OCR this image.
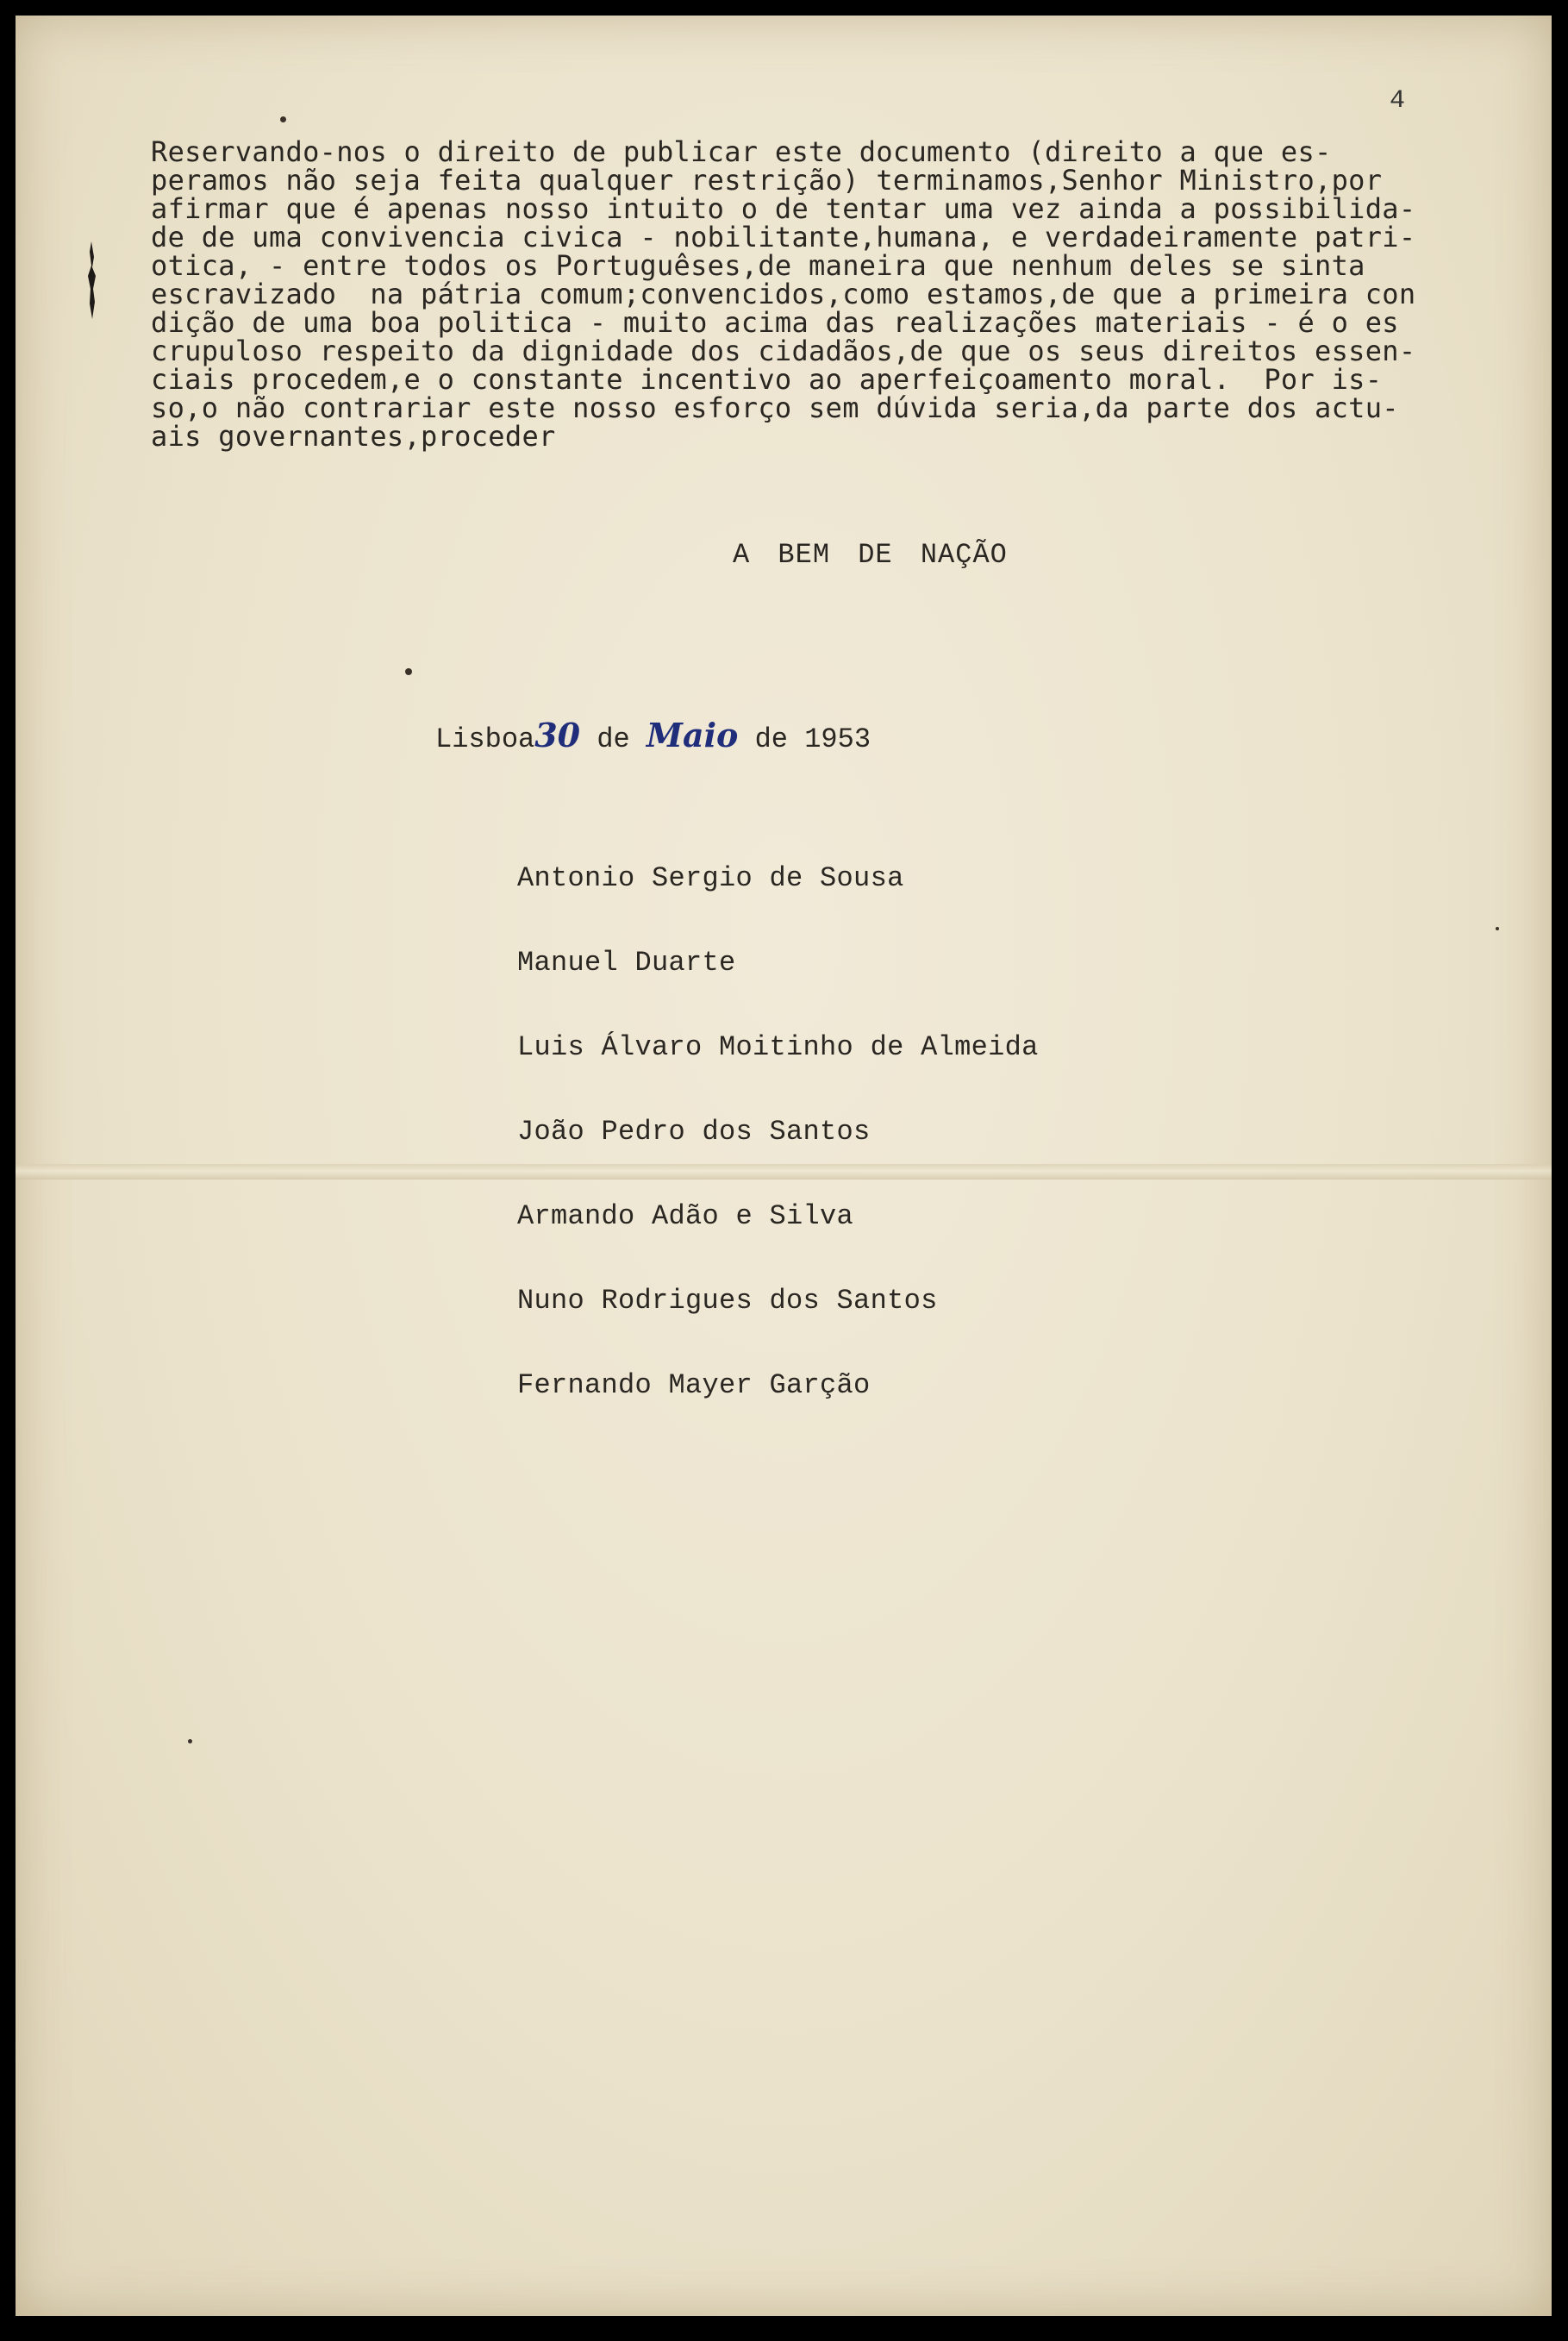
4

Reservando-nos o direito de publicar este documento (direito a que es-
peramos não seja feita qualquer restrição) terminamos,Senhor Ministro,por
afirmar que é apenas nosso intuito o de tentar uma vez ainda a possibilida-
de de uma convivencia civica - nobilitante,humana, e verdadeiramente patri-
otica, - entre todos os Portuguêses,de maneira que nenhum deles se sinta
escravizado  na pátria comum;convencidos,como estamos,de que a primeira con
dição de uma boa politica - muito acima das realizações materiais - é o es
crupuloso respeito da dignidade dos cidadãos,de que os seus direitos essen-
ciais procedem,e o constante incentivo ao aperfeiçoamento moral.  Por is-
so,o não contrariar este nosso esforço sem dúvida seria,da parte dos actu-
ais governantes,proceder

A BEM DE NAÇÃO

Lisboa 30 de Maio de 1953

Antonio Sergio de Sousa
Manuel Duarte
Luis Álvaro Moitinho de Almeida
João Pedro dos Santos
Armando Adão e Silva
Nuno Rodrigues dos Santos
Fernando Mayer Garção
